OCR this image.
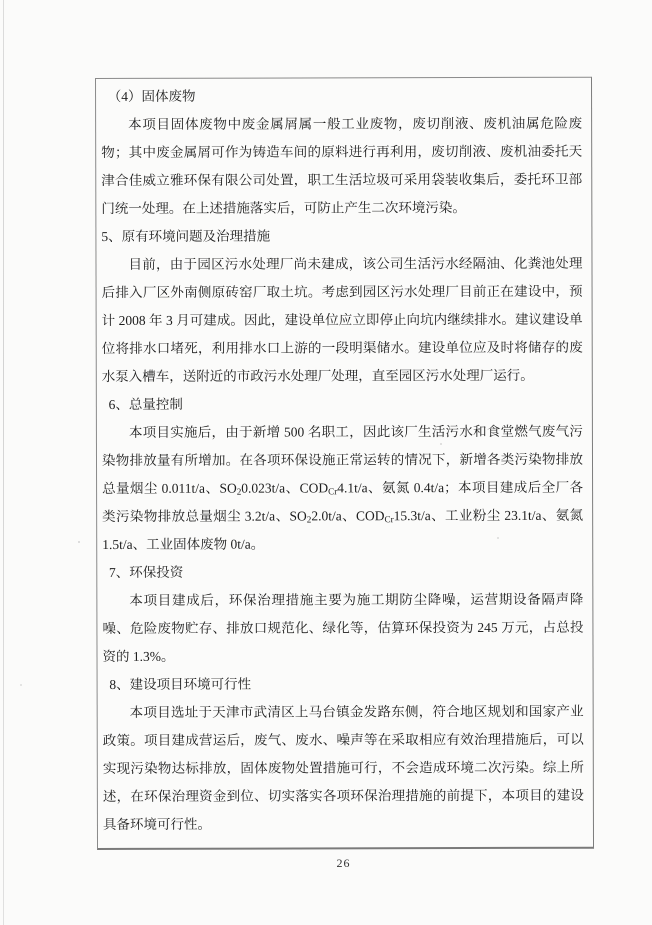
（4）固体废物

本项目固体废物中废金属屑属一般工业废物，废切削液、废机油属危险废物；其中废金属屑可作为铸造车间的原料进行再利用，废切削液、废机油委托天津合佳威立雅环保有限公司处置，职工生活垃圾可采用袋装收集后，委托环卫部门统一处理。在上述措施落实后，可防止产生二次环境污染。

5、原有环境问题及治理措施

目前，由于园区污水处理厂尚未建成，该公司生活污水经隔油、化粪池处理后排入厂区外南侧原砖窑厂取土坑。考虑到园区污水处理厂目前正在建设中，预计 2008 年 3 月可建成。因此，建设单位应立即停止向坑内继续排水。建议建设单位将排水口堵死，利用排水口上游的一段明渠储水。建设单位应及时将储存的废水泵入槽车，送附近的市政污水处理厂处理，直至园区污水处理厂运行。

6、总量控制

本项目实施后，由于新增 500 名职工，因此该厂生活污水和食堂燃气废气污染物排放量有所增加。在各项环保设施正常运转的情况下，新增各类污染物排放总量烟尘 0.011t/a、$SO_20.023t/a$、$COD_{Cr}4.1t/a$、氨氮 0.4t/a；本项目建成后全厂各类污染物排放总量烟尘 3.2t/a、$SO_22.0t/a$、$COD_{Cr}15.3t/a$、工业粉尘 23.1t/a、氨氮 1.5t/a、工业固体废物 0t/a。

7、环保投资

本项目建成后，环保治理措施主要为施工期防尘降噪，运营期设备隔声降噪、危险废物贮存、排放口规范化、绿化等，估算环保投资为 245 万元，占总投资的 1.3%。

8、建设项目环境可行性

本项目选址于天津市武清区上马台镇金发路东侧，符合地区规划和国家产业政策。项目建成营运后，废气、废水、噪声等在采取相应有效治理措施后，可以实现污染物达标排放，固体废物处置措施可行，不会造成环境二次污染。综上所述，在环保治理资金到位、切实落实各项环保治理措施的前提下，本项目的建设具备环境可行性。

26
